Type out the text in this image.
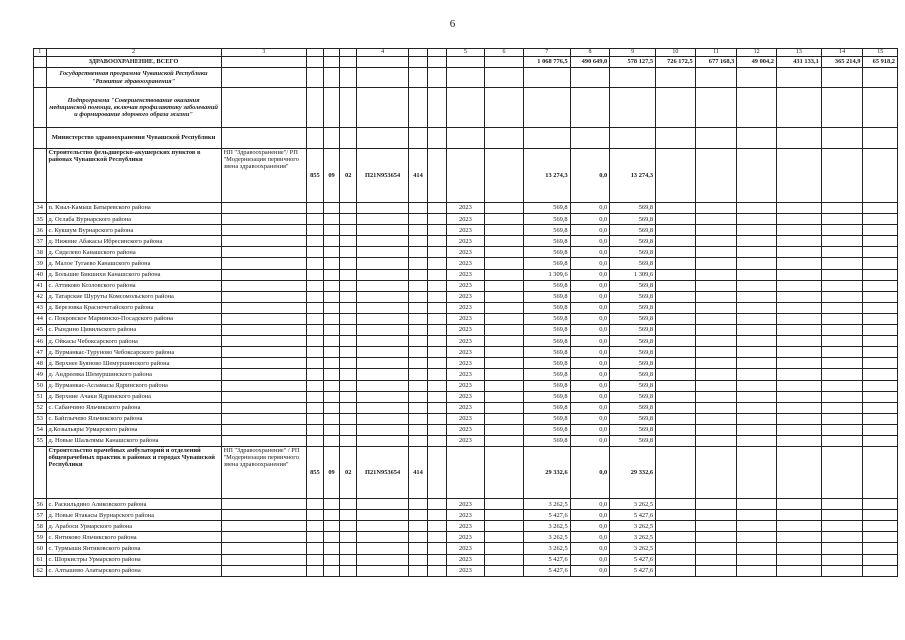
6
1	2	3				4			5	6	7	8	9	10	11	12	13	14	15
	ЗДРАВООХРАНЕНИЕ, ВСЕГО										1 068 776,5	490 649,0	578 127,5	726 172,5	677 168,3	49 004,2	431 133,1	365 214,9	65 918,2
	Государственная программа Чувашской Республики "Развитие здравоохранения"																		
	Подпрограмма "Совершенствование оказания медицинской помощи, включая профилактику заболеваний и формирование здорового образа жизни"																		
	Министерство здравоохранения Чувашской Республики																		
	Строительство фельдшерско-акушерских пунктов в районах Чувашской Республики	НП "Здравоохранение"/ РП "Модернизация первичного звена здравоохранения"	855	09	02	П21N953654	414				13 274,3	0,0	13 274,3						
34	п. Кзыл-Камыш Батыревского района								2023		569,8	0,0	569,8						
35	д. Ослаба Вурнарского района								2023		569,8	0,0	569,8						
36	с. Кукшум Вурнарского района								2023		569,8	0,0	569,8						
37	д. Нижние Абакасы Ибресинского района								2023		569,8	0,0	569,8						
38	д. Сиделево Канашского района								2023		569,8	0,0	569,8						
39	д. Малое Тугаево Канашского района								2023		569,8	0,0	569,8						
40	д. Большие Бикшихи Канашского района								2023		1 309,6	0,0	1 309,6						
41	с. Аттиково Козловского района								2023		569,8	0,0	569,8						
42	д. Татарские Шуруты Комсомольского района								2023		569,8	0,0	569,8						
43	д. Березовка Красночетайского района								2023		569,8	0,0	569,8						
44	с. Покровское Мариинско-Посадского района								2023		569,8	0,0	569,8						
45	с. Рындино Цивильского района								2023		569,8	0,0	569,8						
46	д. Ойкасы Чебоксарского района								2023		569,8	0,0	569,8						
47	д. Вурманкас-Туруново Чебоксарского района								2023		569,8	0,0	569,8						
48	д. Верхнее Буяново Шемуршинского района								2023		569,8	0,0	569,8						
49	д. Андреевка Шемуршинского района								2023		569,8	0,0	569,8						
50	д. Вурманкас-Асламасы Ядринского района								2023		569,8	0,0	569,8						
51	д. Верхние Ачаки Ядринского района								2023		569,8	0,0	569,8						
52	с. Сабанчино Яльчикского района								2023		569,8	0,0	569,8						
53	с. Байглычево Яльчикского района								2023		569,8	0,0	569,8						
54	д.Козыльяры Урмарского района								2023		569,8	0,0	569,8						
55	д. Новые Шальтямы Канашского района								2023		569,8	0,0	569,8						
	Строительство врачебных амбулаторий и отделений общеврачебных практик в районах и городах Чувашской Республики	НП "Здравоохранение" / РП "Модернизация первичного звена здравоохранения"	855	09	02	П21N953654	414				29 332,6	0,0	29 332,6						
56	с. Раскильдино Аликовского района								2023		3 262,5	0,0	3 262,5						
57	д. Новые Ятакасы Вурнарского района								2023		5 427,6	0,0	5 427,6						
58	д. Арабоси Урмарского района								2023		3 262,5	0,0	3 262,5						
59	с. Янтиково Яльчикского района								2023		3 262,5	0,0	3 262,5						
60	с. Турмыши Янтиковского района								2023		3 262,5	0,0	3 262,5						
61	с. Шоркистры Урмарского района								2023		5 427,6	0,0	5 427,6						
62	с. Алтышево Алатырского района								2023		5 427,6	0,0	5 427,6						
